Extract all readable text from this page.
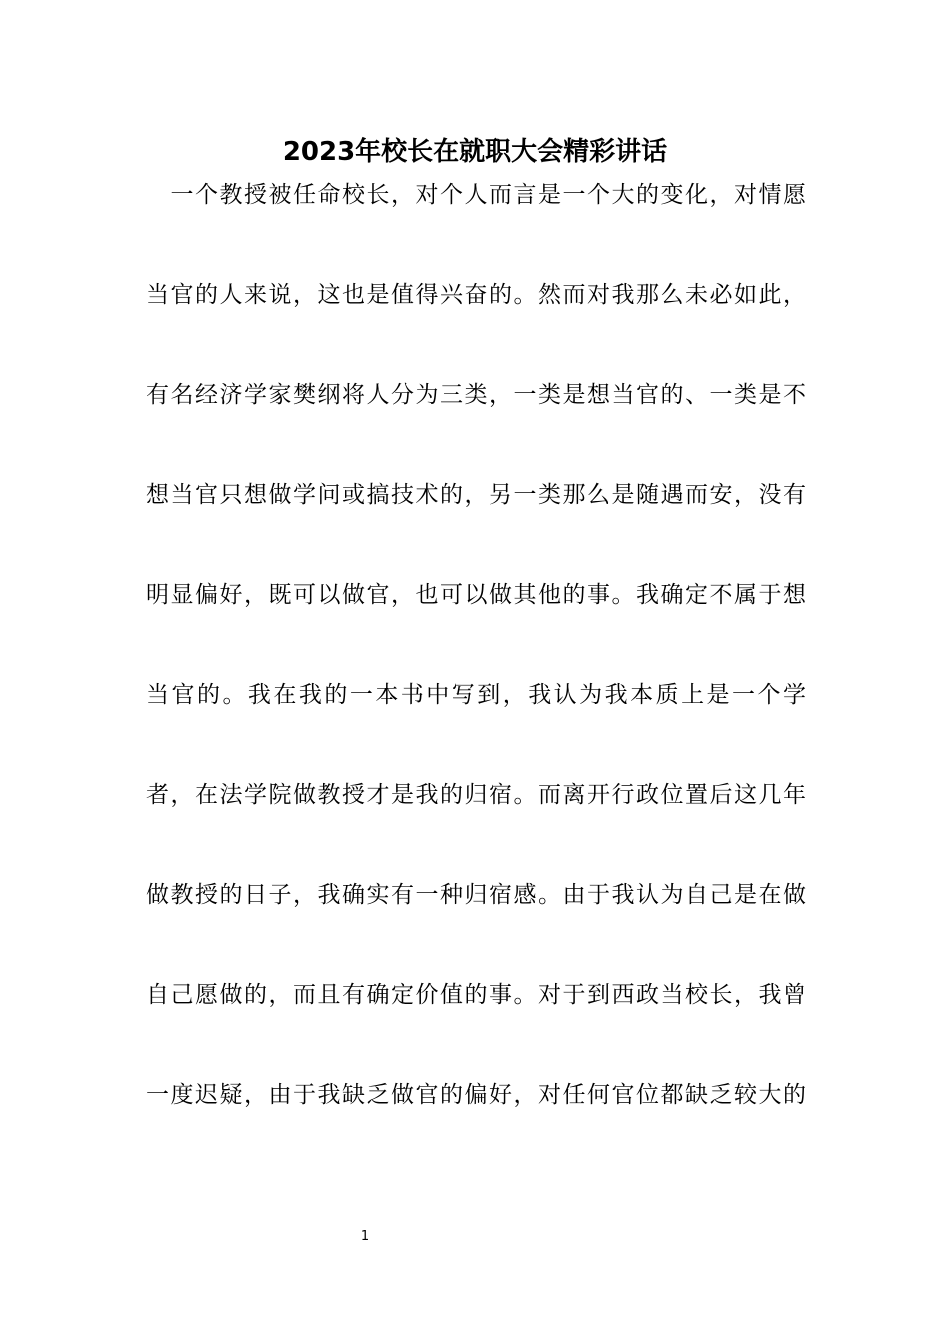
2023年校长在就职大会精彩讲话
　一个教授被任命校长，对个人而言是一个大的变化，对情愿
当官的人来说，这也是值得兴奋的。然而对我那么未必如此，
有名经济学家樊纲将人分为三类，一类是想当官的、一类是不
想当官只想做学问或搞技术的，另一类那么是随遇而安，没有
明显偏好，既可以做官，也可以做其他的事。我确定不属于想
当官的。我在我的一本书中写到，我认为我本质上是一个学
者，在法学院做教授才是我的归宿。而离开行政位置后这几年
做教授的日子，我确实有一种归宿感。由于我认为自己是在做
自己愿做的，而且有确定价值的事。对于到西政当校长，我曾
一度迟疑，由于我缺乏做官的偏好，对任何官位都缺乏较大的
1
